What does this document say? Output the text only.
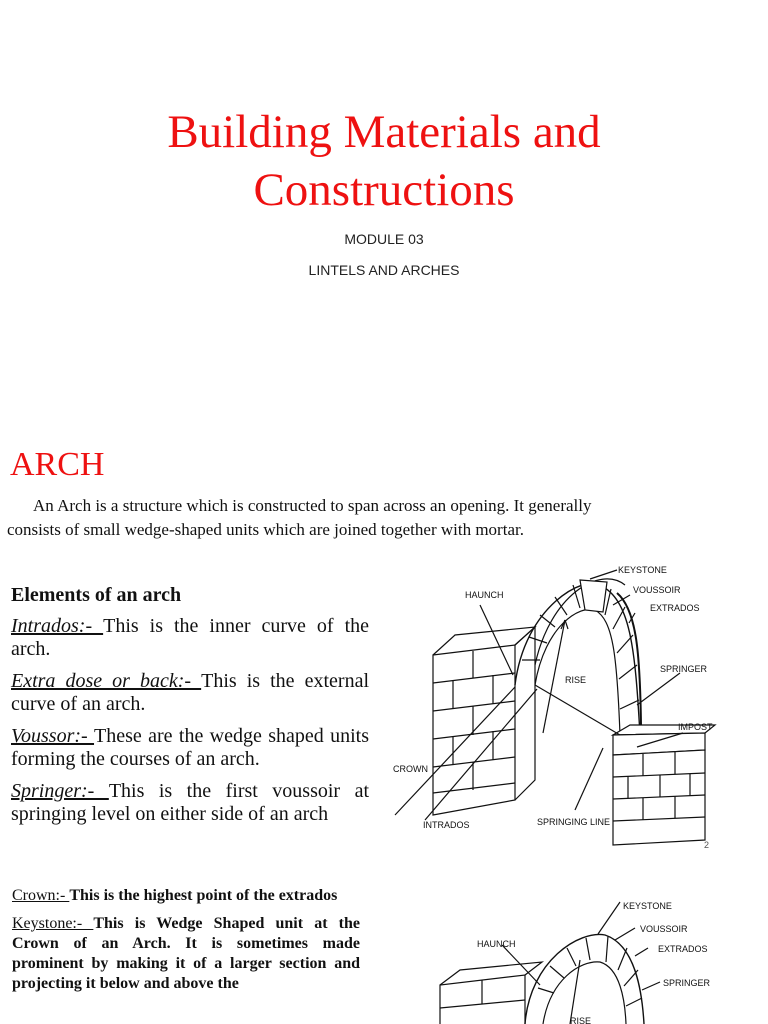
Building Materials and
Constructions
MODULE 03
LINTELS AND ARCHES
ARCH
An Arch is a structure which is constructed to span across an opening. It generally
consists of small wedge-shaped units which are joined together with mortar.
Elements of an arch

Intrados:- This is the inner curve of the arch.

Extra dose or back:- This is the external curve of an arch.

Voussor:- These are the wedge shaped units forming the courses of an arch.

Springer:- This is the first voussoir at springing level on either side of an arch

KEYSTONE
HAUNCH	VOUSSOIR
EXTRADOS
SPRINGER
RISE
IMPOST
CROWN
INTRADOS	SPRINGING LINE
2

Crown:- This is the highest point of the extrados

Keystone:- This is Wedge Shaped unit at the Crown of an Arch. It is sometimes made prominent by making it of a larger section and projecting it below and above the

KEYSTONE
HAUNCH
VOUSSOIR
EXTRADOS
SPRINGER
RISE
